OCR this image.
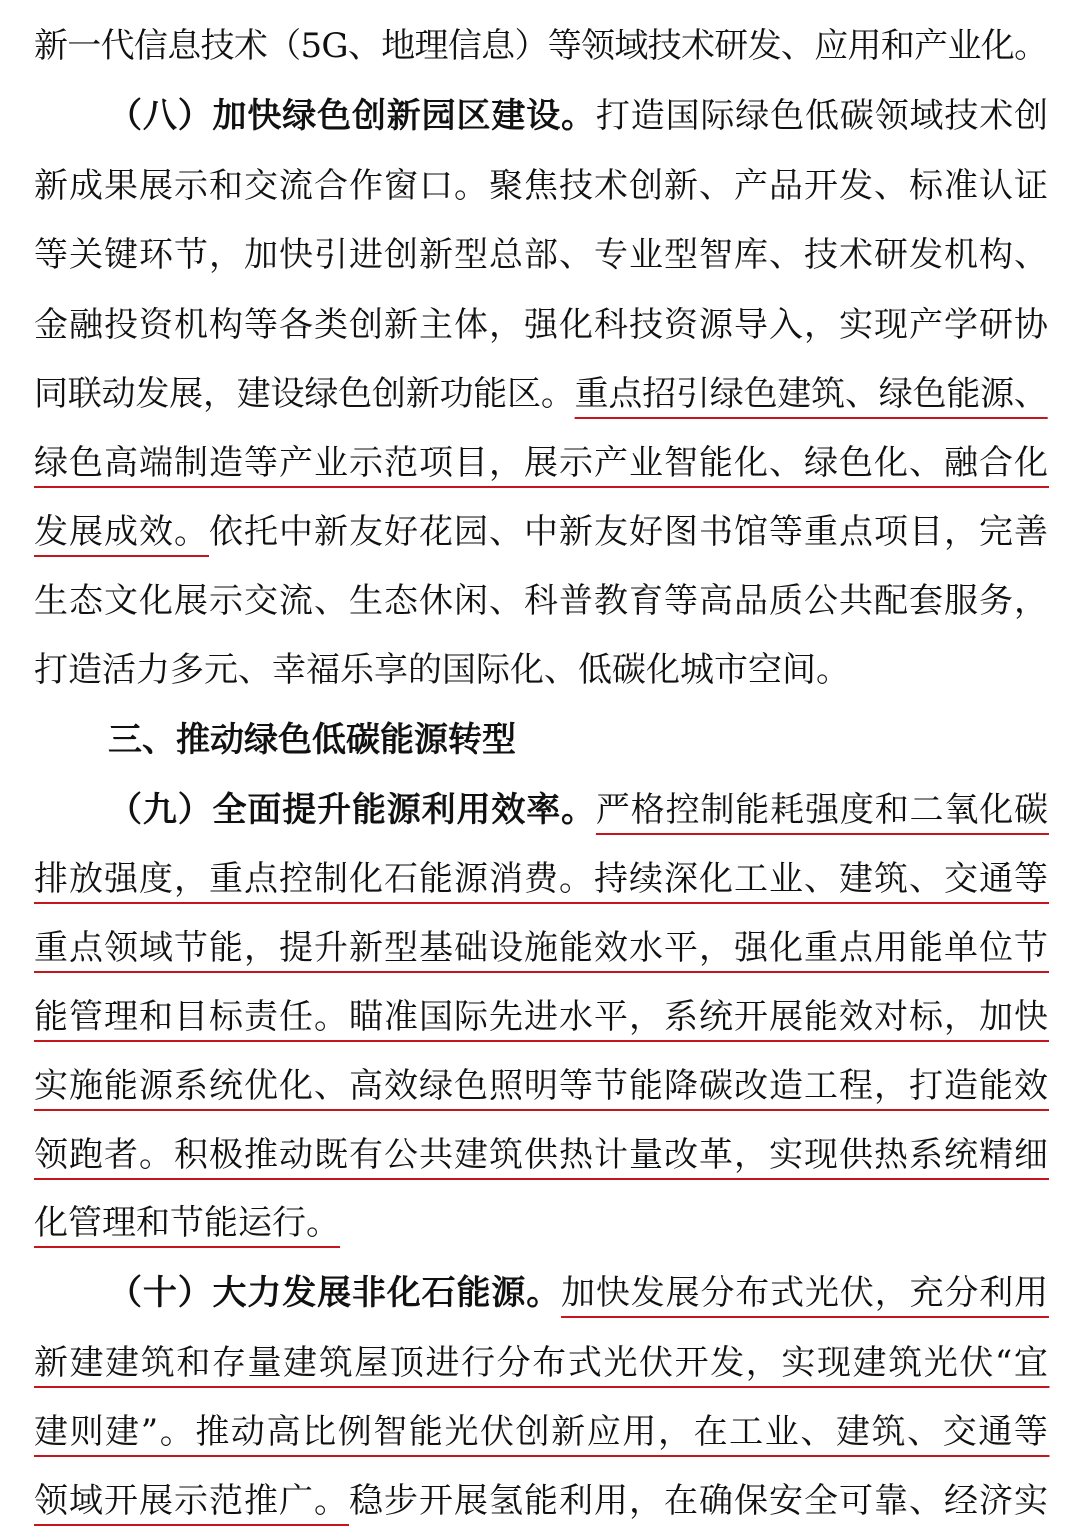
新一代信息技术（5G、地理信息）等领域技术研发、应用和产业化。
（八）加快绿色创新园区建设。打造国际绿色低碳领域技术创
新成果展示和交流合作窗口。聚焦技术创新、产品开发、标准认证
等关键环节，加快引进创新型总部、专业型智库、技术研发机构、
金融投资机构等各类创新主体，强化科技资源导入，实现产学研协
同联动发展，建设绿色创新功能区。重点招引绿色建筑、绿色能源、
绿色高端制造等产业示范项目，展示产业智能化、绿色化、融合化
发展成效。依托中新友好花园、中新友好图书馆等重点项目，完善
生态文化展示交流、生态休闲、科普教育等高品质公共配套服务，
打造活力多元、幸福乐享的国际化、低碳化城市空间。
三、推动绿色低碳能源转型
（九）全面提升能源利用效率。严格控制能耗强度和二氧化碳
排放强度，重点控制化石能源消费。持续深化工业、建筑、交通等
重点领域节能，提升新型基础设施能效水平，强化重点用能单位节
能管理和目标责任。瞄准国际先进水平，系统开展能效对标，加快
实施能源系统优化、高效绿色照明等节能降碳改造工程，打造能效
领跑者。积极推动既有公共建筑供热计量改革，实现供热系统精细
化管理和节能运行。
（十）大力发展非化石能源。加快发展分布式光伏，充分利用
新建建筑和存量建筑屋顶进行分布式光伏开发，实现建筑光伏“宜
建则建”。推动高比例智能光伏创新应用，在工业、建筑、交通等
领域开展示范推广。稳步开展氢能利用，在确保安全可靠、经济实
